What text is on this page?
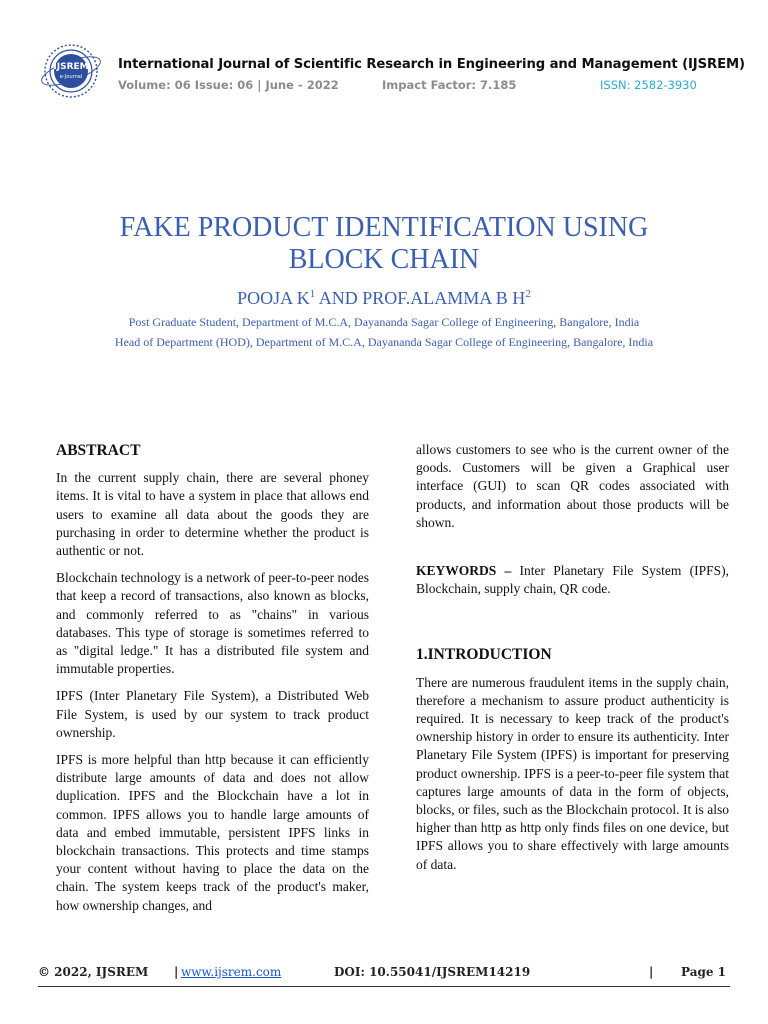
IJSREM
e-Journal
International Journal of Scientific Research in Engineering and Management (IJSREM)
Volume: 06 Issue: 06 | June - 2022	Impact Factor: 7.185	ISSN: 2582-3930
FAKE PRODUCT IDENTIFICATION USING
BLOCK CHAIN
POOJA $K^1$ AND PROF.ALAMMA B $H^2$
Post Graduate Student, Department of M.C.A, Dayananda Sagar College of Engineering, Bangalore, India
Head of Department (HOD), Department of M.C.A, Dayananda Sagar College of Engineering, Bangalore, India
ABSTRACT

In the current supply chain, there are several phoney items. It is vital to have a system in place that allows end users to examine all data about the goods they are purchasing in order to determine whether the product is authentic or not.

Blockchain technology is a network of peer-to-peer nodes that keep a record of transactions, also known as blocks, and commonly referred to as "chains" in various databases. This type of storage is sometimes referred to as "digital ledge." It has a distributed file system and immutable properties.

IPFS (Inter Planetary File System), a Distributed Web File System, is used by our system to track product ownership.

IPFS is more helpful than http because it can efficiently distribute large amounts of data and does not allow duplication. IPFS and the Blockchain have a lot in common. IPFS allows you to handle large amounts of data and embed immutable, persistent IPFS links in blockchain transactions. This protects and time stamps your content without having to place the data on the chain. The system keeps track of the product's maker, how ownership changes, and

allows customers to see who is the current owner of the goods. Customers will be given a Graphical user interface (GUI) to scan QR codes associated with products, and information about those products will be shown.

KEYWORDS – Inter Planetary File System (IPFS), Blockchain, supply chain, QR code.

1.INTRODUCTION

There are numerous fraudulent items in the supply chain, therefore a mechanism to assure product authenticity is required. It is necessary to keep track of the product's ownership history in order to ensure its authenticity. Inter Planetary File System (IPFS) is important for preserving product ownership. IPFS is a peer-to-peer file system that captures large amounts of data in the form of objects, blocks, or files, such as the Blockchain protocol. It is also higher than http as http only finds files on one device, but IPFS allows you to share effectively with large amounts of data.

© 2022, IJSREM | www.ijsrem.com	DOI: 10.55041/IJSREM14219	| Page 1
